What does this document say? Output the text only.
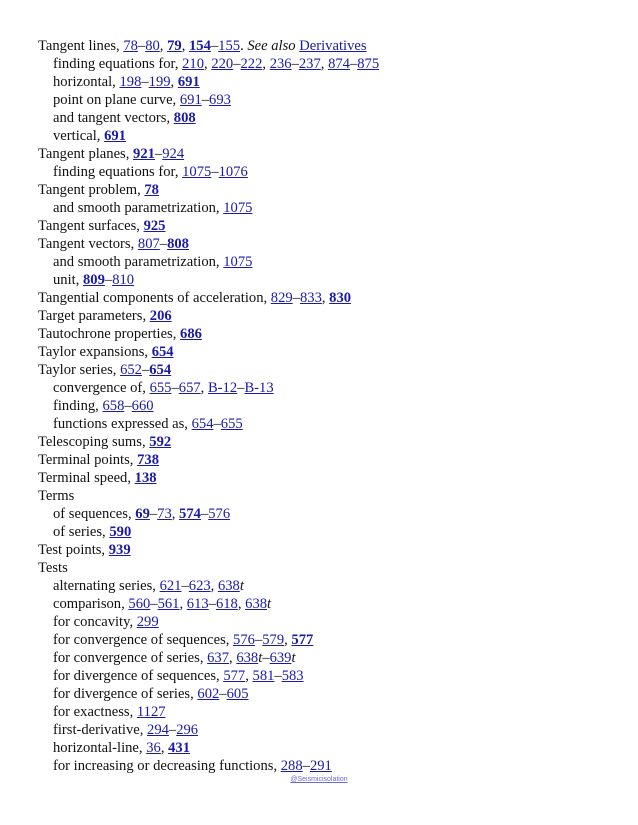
Tangent lines, 78–80, 79, 154–155. See also Derivatives
finding equations for, 210, 220–222, 236–237, 874–875
horizontal, 198–199, 691
point on plane curve, 691–693
and tangent vectors, 808
vertical, 691
Tangent planes, 921–924
finding equations for, 1075–1076
Tangent problem, 78
and smooth parametrization, 1075
Tangent surfaces, 925
Tangent vectors, 807–808
and smooth parametrization, 1075
unit, 809–810
Tangential components of acceleration, 829–833, 830
Target parameters, 206
Tautochrone properties, 686
Taylor expansions, 654
Taylor series, 652–654
convergence of, 655–657, B-12–B-13
finding, 658–660
functions expressed as, 654–655
Telescoping sums, 592
Terminal points, 738
Terminal speed, 138
Terms
of sequences, 69–73, 574–576
of series, 590
Test points, 939
Tests
alternating series, 621–623, 638t
comparison, 560–561, 613–618, 638t
for concavity, 299
for convergence of sequences, 576–579, 577
for convergence of series, 637, 638t–639t
for divergence of sequences, 577, 581–583
for divergence of series, 602–605
for exactness, 1127
first-derivative, 294–296
horizontal-line, 36, 431
for increasing or decreasing functions, 288–291
@Seismicisolation
